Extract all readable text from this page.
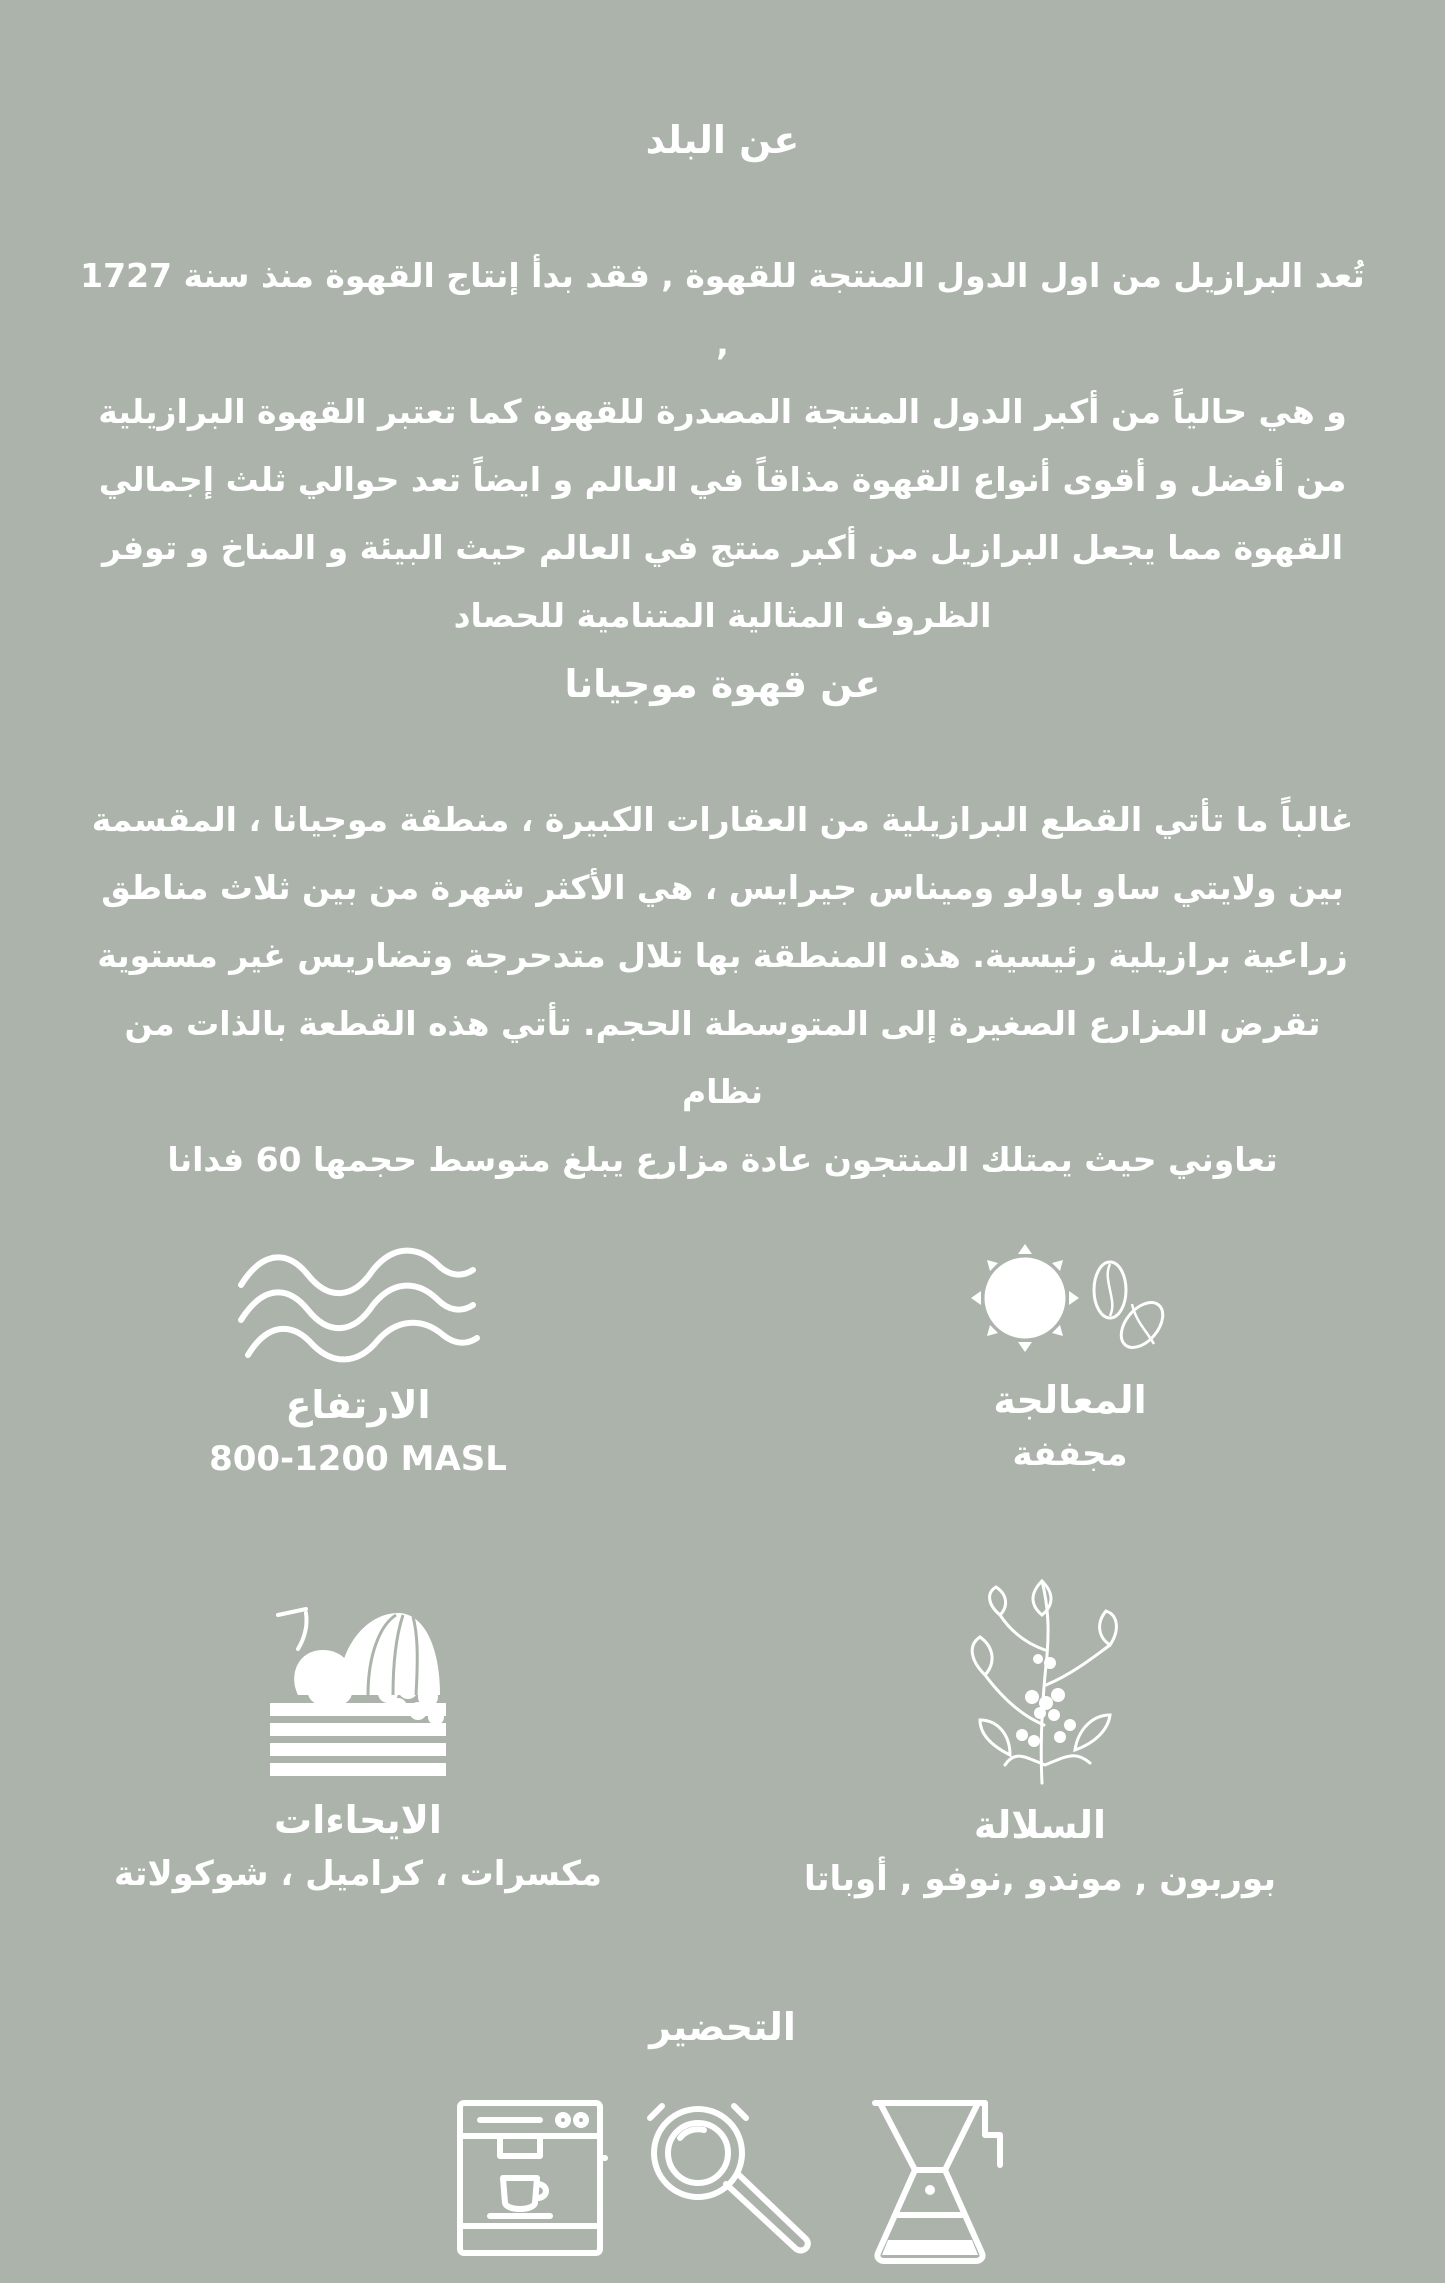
عن البلد
تُعد البرازيل من اول الدول المنتجة للقهوة , فقد بدأ إنتاج القهوة منذ سنة 1727 ,
و هي حالياً من أكبر الدول المنتجة المصدرة للقهوة كما تعتبر القهوة البرازيلية
من أفضل و أقوى أنواع القهوة مذاقاً في العالم و ايضاً تعد حوالي ثلث إجمالي
القهوة مما يجعل البرازيل من أكبر منتج في العالم حيث البيئة و المناخ و توفر
الظروف المثالية المتنامية للحصاد
عن قهوة موجيانا
غالباً ما تأتي القطع البرازيلية من العقارات الكبيرة ، منطقة موجيانا ، المقسمة
بين ولايتي ساو باولو وميناس جيرايس ، هي الأكثر شهرة من بين ثلاث مناطق
زراعية برازيلية رئيسية. هذه المنطقة بها تلال متدحرجة وتضاريس غير مستوية
تقرض المزارع الصغيرة إلى المتوسطة الحجم. تأتي هذه القطعة بالذات من نظام
تعاوني حيث يمتلك المنتجون عادة مزارع يبلغ متوسط حجمها 60 فدانا
المعالجة
مجففة
الارتفاع
800-1200 MASL
السلالة
بوربون , موندو ,نوفو , أوباتا
الايحاءات
مكسرات ، كراميل ، شوكولاتة
التحضير
